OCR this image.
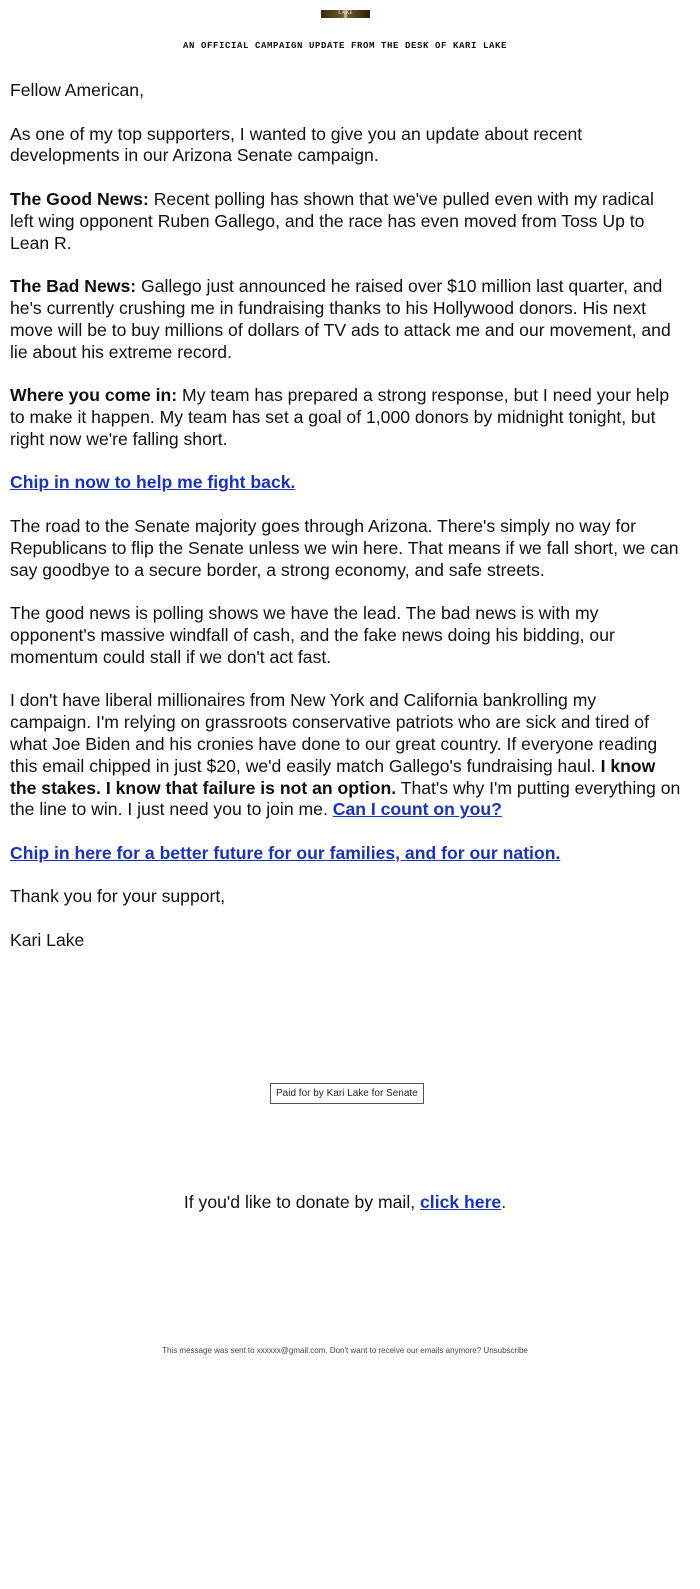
LAKE
AN OFFICIAL CAMPAIGN UPDATE FROM THE DESK OF KARI LAKE

Fellow American,

As one of my top supporters, I wanted to give you an update about recent developments in our Arizona Senate campaign.

The Good News: Recent polling has shown that we've pulled even with my radical left wing opponent Ruben Gallego, and the race has even moved from Toss Up to Lean R.

The Bad News: Gallego just announced he raised over $10 million last quarter, and he's currently crushing me in fundraising thanks to his Hollywood donors. His next move will be to buy millions of dollars of TV ads to attack me and our movement, and lie about his extreme record.

Where you come in: My team has prepared a strong response, but I need your help to make it happen. My team has set a goal of 1,000 donors by midnight tonight, but right now we're falling short.

Chip in now to help me fight back.

The road to the Senate majority goes through Arizona. There's simply no way for Republicans to flip the Senate unless we win here. That means if we fall short, we can say goodbye to a secure border, a strong economy, and safe streets.

The good news is polling shows we have the lead. The bad news is with my opponent's massive windfall of cash, and the fake news doing his bidding, our momentum could stall if we don't act fast.

I don't have liberal millionaires from New York and California bankrolling my campaign. I'm relying on grassroots conservative patriots who are sick and tired of what Joe Biden and his cronies have done to our great country. If everyone reading this email chipped in just $20, we'd easily match Gallego's fundraising haul. I know the stakes. I know that failure is not an option. That's why I'm putting everything on the line to win. I just need you to join me. Can I count on you?

Chip in here for a better future for our families, and for our nation.

Thank you for your support,

Kari Lake

Paid for by Kari Lake for Senate
If you'd like to donate by mail, click here.
This message was sent to xxxxxx@gmail.com. Don't want to receive our emails anymore? Unsubscribe
